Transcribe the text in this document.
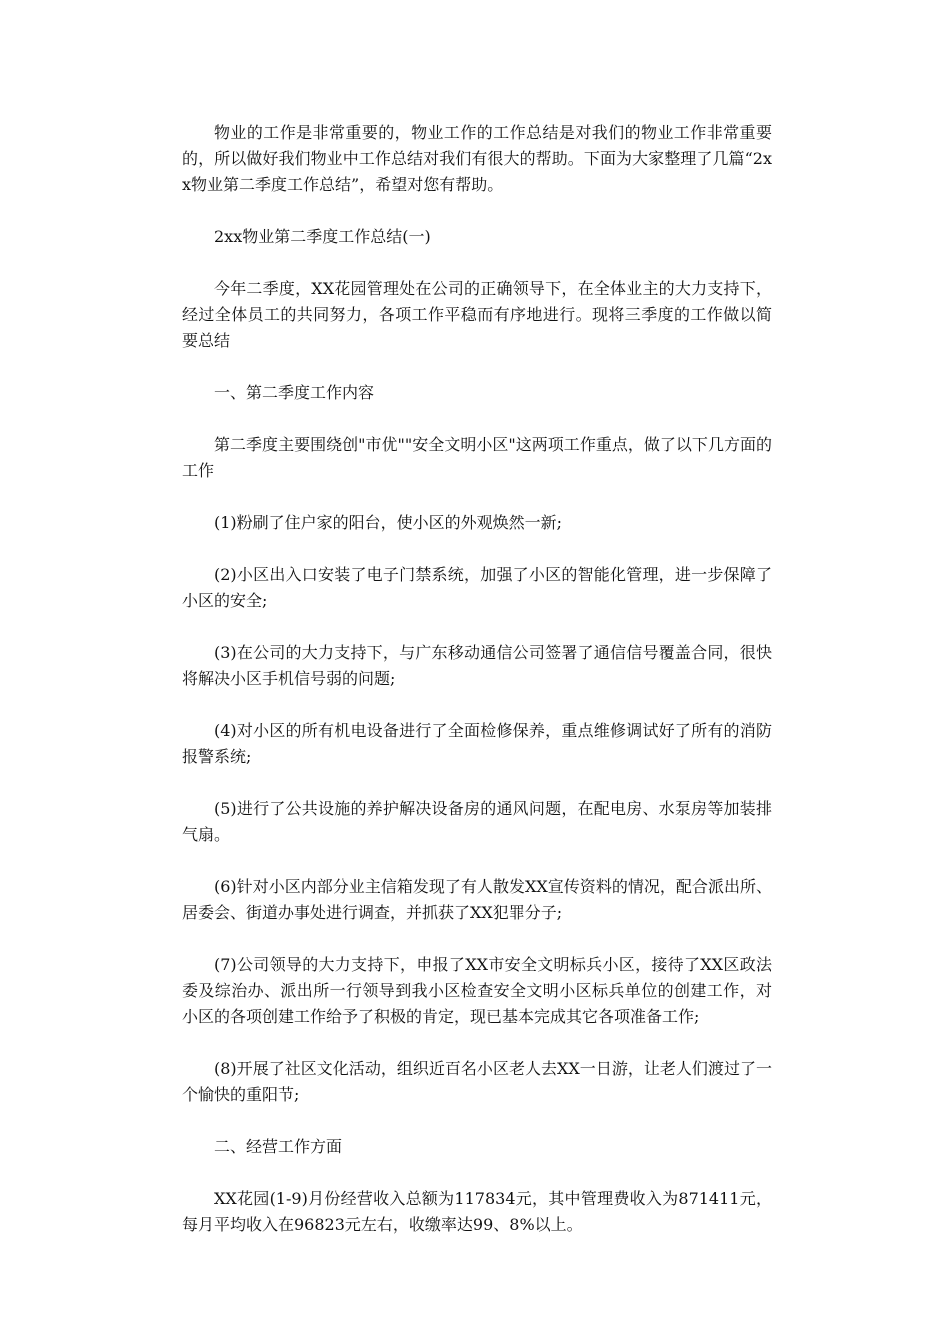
物业的工作是非常重要的，物业工作的工作总结是对我们的物业工作非常重要的，所以做好我们物业中工作总结对我们有很大的帮助。下面为大家整理了几篇“2xx物业第二季度工作总结”，希望对您有帮助。

2xx物业第二季度工作总结(一)

今年二季度，XX花园管理处在公司的正确领导下，在全体业主的大力支持下，经过全体员工的共同努力，各项工作平稳而有序地进行。现将三季度的工作做以简要总结

一、第二季度工作内容

第二季度主要围绕创"市优""安全文明小区"这两项工作重点，做了以下几方面的工作

(1)粉刷了住户家的阳台，使小区的外观焕然一新;

(2)小区出入口安装了电子门禁系统，加强了小区的智能化管理，进一步保障了小区的安全;

(3)在公司的大力支持下，与广东移动通信公司签署了通信信号覆盖合同，很快将解决小区手机信号弱的问题;

(4)对小区的所有机电设备进行了全面检修保养，重点维修调试好了所有的消防报警系统;

(5)进行了公共设施的养护解决设备房的通风问题，在配电房、水泵房等加装排气扇。

(6)针对小区内部分业主信箱发现了有人散发XX宣传资料的情况，配合派出所、居委会、街道办事处进行调查，并抓获了XX犯罪分子;

(7)公司领导的大力支持下，申报了XX市安全文明标兵小区，接待了XX区政法委及综治办、派出所一行领导到我小区检查安全文明小区标兵单位的创建工作，对小区的各项创建工作给予了积极的肯定，现已基本完成其它各项准备工作;

(8)开展了社区文化活动，组织近百名小区老人去XX一日游，让老人们渡过了一个愉快的重阳节;

二、经营工作方面

XX花园(1-9)月份经营收入总额为117834元，其中管理费收入为871411元，每月平均收入在96823元左右，收缴率达99、8%以上。
